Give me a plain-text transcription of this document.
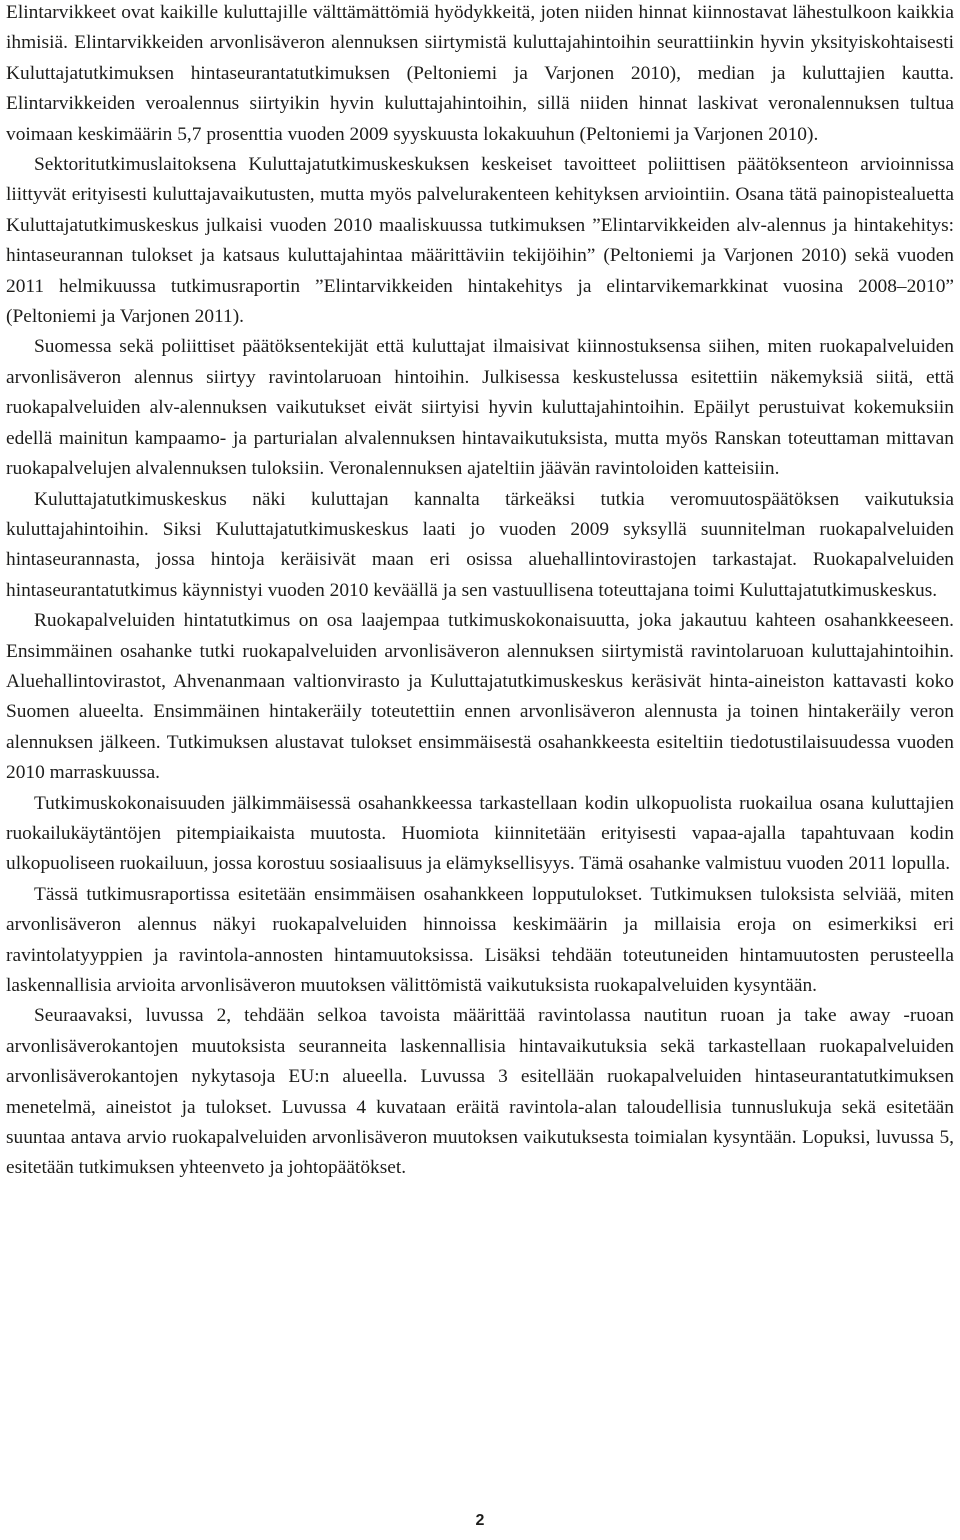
Elintarvikkeet ovat kaikille kuluttajille välttämättömiä hyödykkeitä, joten niiden hinnat kiinnostavat lähestulkoon kaikkia ihmisiä. Elintarvikkeiden arvonlisäveron alennuksen siirtymistä kuluttajahintoihin seurattiinkin hyvin yksityiskohtaisesti Kuluttajatutkimuksen hintaseurantatutkimuksen (Peltoniemi ja Varjonen 2010), median ja kuluttajien kautta. Elintarvikkeiden veroalennus siirtyikin hyvin kuluttajahintoihin, sillä niiden hinnat laskivat veronalennuksen tultua voimaan keskimäärin 5,7 prosenttia vuoden 2009 syyskuusta lokakuuhun (Peltoniemi ja Varjonen 2010).

Sektoritutkimuslaitoksena Kuluttajatutkimuskeskuksen keskeiset tavoitteet poliittisen päätöksenteon arvioinnissa liittyvät erityisesti kuluttajavaikutusten, mutta myös palvelurakenteen kehityksen arviointiin. Osana tätä painopistealuetta Kuluttajatutkimuskeskus julkaisi vuoden 2010 maaliskuussa tutkimuksen ”Elintarvikkeiden alv-alennus ja hintakehitys: hintaseurannan tulokset ja katsaus kuluttajahintaa määrittäviin tekijöihin” (Peltoniemi ja Varjonen 2010) sekä vuoden 2011 helmikuussa tutkimusraportin ”Elintarvikkeiden hintakehitys ja elintarvikemarkkinat vuosina 2008–2010” (Peltoniemi ja Varjonen 2011).

Suomessa sekä poliittiset päätöksentekijät että kuluttajat ilmaisivat kiinnostuksensa siihen, miten ruokapalveluiden arvonlisäveron alennus siirtyy ravintolaruoan hintoihin. Julkisessa keskustelussa esitettiin näkemyksiä siitä, että ruokapalveluiden alv-alennuksen vaikutukset eivät siirtyisi hyvin kuluttajahintoihin. Epäilyt perustuivat kokemuksiin edellä mainitun kampaamo- ja parturialan alvalennuksen hintavaikutuksista, mutta myös Ranskan toteuttaman mittavan ruokapalvelujen alvalennuksen tuloksiin. Veronalennuksen ajateltiin jäävän ravintoloiden katteisiin.

Kuluttajatutkimuskeskus näki kuluttajan kannalta tärkeäksi tutkia veromuutospäätöksen vaikutuksia kuluttajahintoihin. Siksi Kuluttajatutkimuskeskus laati jo vuoden 2009 syksyllä suunnitelman ruokapalveluiden hintaseurannasta, jossa hintoja keräisivät maan eri osissa aluehallintovirastojen tarkastajat. Ruokapalveluiden hintaseurantatutkimus käynnistyi vuoden 2010 keväällä ja sen vastuullisena toteuttajana toimi Kuluttajatutkimuskeskus.

Ruokapalveluiden hintatutkimus on osa laajempaa tutkimuskokonaisuutta, joka jakautuu kahteen osahankkeeseen. Ensimmäinen osahanke tutki ruokapalveluiden arvonlisäveron alennuksen siirtymistä ravintolaruoan kuluttajahintoihin. Aluehallintovirastot, Ahvenanmaan valtionvirasto ja Kuluttajatutkimuskeskus keräsivät hinta-aineiston kattavasti koko Suomen alueelta. Ensimmäinen hintakeräily toteutettiin ennen arvonlisäveron alennusta ja toinen hintakeräily veron alennuksen jälkeen. Tutkimuksen alustavat tulokset ensimmäisestä osahankkeesta esiteltiin tiedotustilaisuudessa vuoden 2010 marraskuussa.

Tutkimuskokonaisuuden jälkimmäisessä osahankkeessa tarkastellaan kodin ulkopuolista ruokailua osana kuluttajien ruokailukäytäntöjen pitempiaikaista muutosta. Huomiota kiinnitetään erityisesti vapaa-ajalla tapahtuvaan kodin ulkopuoliseen ruokailuun, jossa korostuu sosiaalisuus ja elämyksellisyys. Tämä osahanke valmistuu vuoden 2011 lopulla.

Tässä tutkimusraportissa esitetään ensimmäisen osahankkeen lopputulokset. Tutkimuksen tuloksista selviää, miten arvonlisäveron alennus näkyi ruokapalveluiden hinnoissa keskimäärin ja millaisia eroja on esimerkiksi eri ravintolatyyppien ja ravintola-annosten hintamuutoksissa. Lisäksi tehdään toteutuneiden hintamuutosten perusteella laskennallisia arvioita arvonlisäveron muutoksen välittömistä vaikutuksista ruokapalveluiden kysyntään.

Seuraavaksi, luvussa 2, tehdään selkoa tavoista määrittää ravintolassa nautitun ruoan ja take away -ruoan arvonlisäverokantojen muutoksista seuranneita laskennallisia hintavaikutuksia sekä tarkastellaan ruokapalveluiden arvonlisäverokantojen nykytasoja EU:n alueella. Luvussa 3 esitellään ruokapalveluiden hintaseurantatutkimuksen menetelmä, aineistot ja tulokset. Luvussa 4 kuvataan eräitä ravintola-alan taloudellisia tunnuslukuja sekä esitetään suuntaa antava arvio ruokapalveluiden arvonlisäveron muutoksen vaikutuksesta toimialan kysyntään. Lopuksi, luvussa 5, esitetään tutkimuksen yhteenveto ja johtopäätökset.

2
